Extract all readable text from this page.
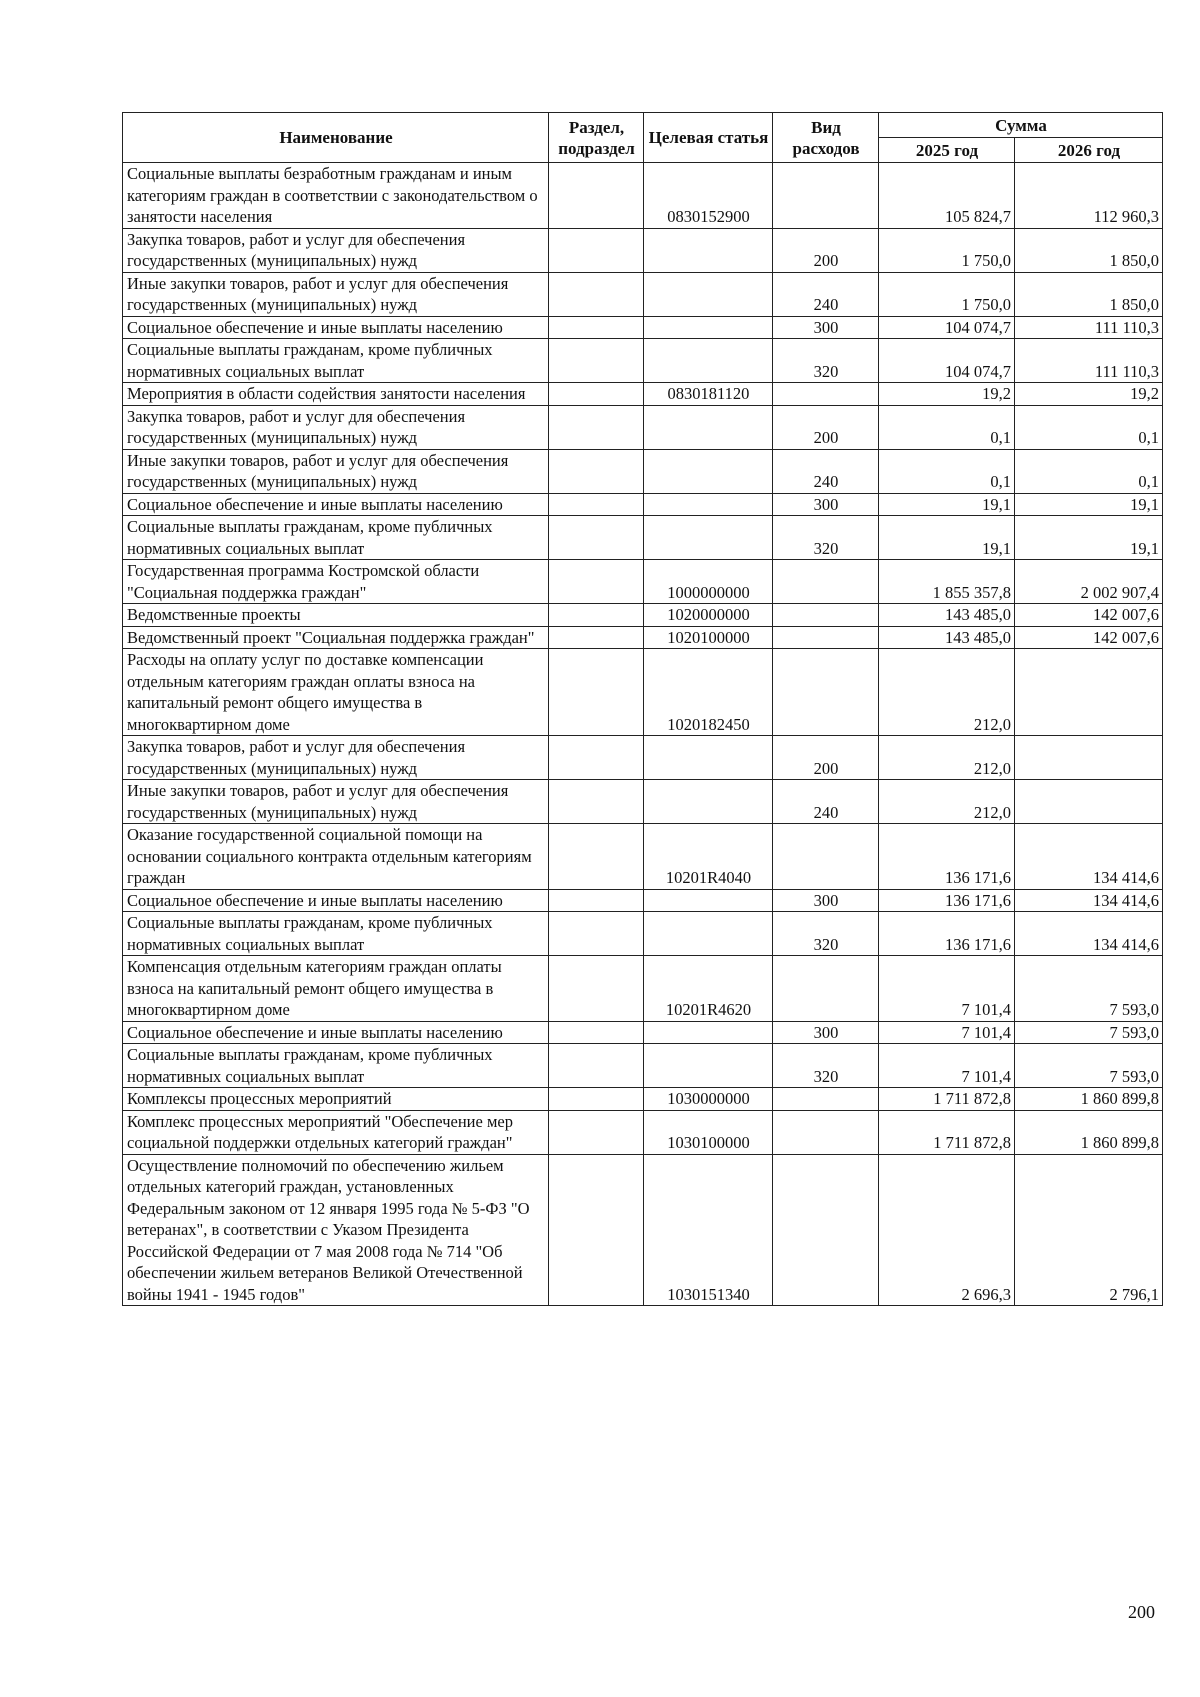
Наименование	Раздел, подраздел	Целевая статья	Вид расходов	Сумма	
				2025 год	2026 год
Социальные выплаты безработным гражданам и иным категориям граждан в соответствии с законодательством о занятости населения		0830152900		105 824,7	112 960,3
Закупка товаров, работ и услуг для обеспечения государственных (муниципальных) нужд			200	1 750,0	1 850,0
Иные закупки товаров, работ и услуг для обеспечения государственных (муниципальных) нужд			240	1 750,0	1 850,0
Социальное обеспечение и иные выплаты населению			300	104 074,7	111 110,3
Социальные выплаты гражданам, кроме публичных нормативных социальных выплат			320	104 074,7	111 110,3
Мероприятия в области содействия занятости населения		0830181120		19,2	19,2
Закупка товаров, работ и услуг для обеспечения государственных (муниципальных) нужд			200	0,1	0,1
Иные закупки товаров, работ и услуг для обеспечения государственных (муниципальных) нужд			240	0,1	0,1
Социальное обеспечение и иные выплаты населению			300	19,1	19,1
Социальные выплаты гражданам, кроме публичных нормативных социальных выплат			320	19,1	19,1
Государственная программа Костромской области "Социальная поддержка граждан"		1000000000		1 855 357,8	2 002 907,4
Ведомственные проекты		1020000000		143 485,0	142 007,6
Ведомственный проект "Социальная поддержка граждан"		1020100000		143 485,0	142 007,6
Расходы на оплату услуг по доставке компенсации отдельным категориям граждан оплаты взноса на капитальный ремонт общего имущества в многоквартирном доме		1020182450		212,0	
Закупка товаров, работ и услуг для обеспечения государственных (муниципальных) нужд			200	212,0	
Иные закупки товаров, работ и услуг для обеспечения государственных (муниципальных) нужд			240	212,0	
Оказание государственной социальной помощи на основании социального контракта отдельным категориям граждан		10201R4040		136 171,6	134 414,6
Социальное обеспечение и иные выплаты населению			300	136 171,6	134 414,6
Социальные выплаты гражданам, кроме публичных нормативных социальных выплат			320	136 171,6	134 414,6
Компенсация отдельным категориям граждан оплаты взноса на капитальный ремонт общего имущества в многоквартирном доме		10201R4620		7 101,4	7 593,0
Социальное обеспечение и иные выплаты населению			300	7 101,4	7 593,0
Социальные выплаты гражданам, кроме публичных нормативных социальных выплат			320	7 101,4	7 593,0
Комплексы процессных мероприятий		1030000000		1 711 872,8	1 860 899,8
Комплекс процессных мероприятий "Обеспечение мер социальной поддержки отдельных категорий граждан"		1030100000		1 711 872,8	1 860 899,8
Осуществление полномочий по обеспечению жильем отдельных категорий граждан, установленных Федеральным законом от 12 января 1995 года № 5-ФЗ "О ветеранах", в соответствии с Указом Президента Российской Федерации от 7 мая 2008 года № 714 "Об обеспечении жильем ветеранов Великой Отечественной войны 1941 - 1945 годов"		1030151340		2 696,3	2 796,1
200
